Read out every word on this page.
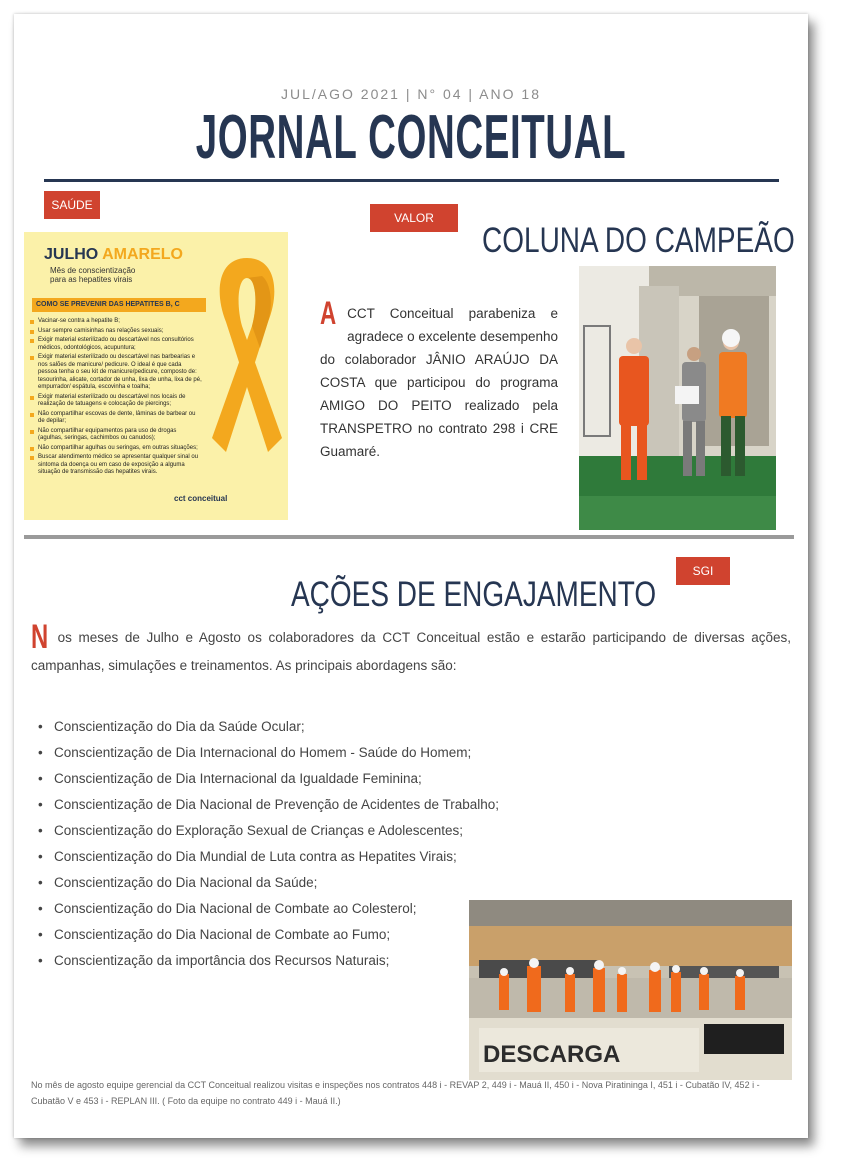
JUL/AGO 2021 | N° 04 | ANO 18
JORNAL CONCEITUAL
SAÚDE
VALOR
COLUNA DO CAMPEÃO
JULHO AMARELO
Mês de conscientização
para as hepatites virais
COMO SE PREVENIR DAS HEPATITES B, C
Vacinar-se contra a hepatite B;
Usar sempre camisinhas nas relações sexuais;
Exigir material esterilizado ou descartável nos consultórios médicos, odontológicos, acupuntura;
Exigir material esterilizado ou descartável nas barbearias e nos salões de manicure/ pedicure. O ideal é que cada pessoa tenha o seu kit de manicure/pedicure, composto de: tesourinha, alicate, cortador de unha, lixa de unha, lixa de pé, empurrador/ espátula, escovinha e toalha;
Exigir material esterilizado ou descartável nos locais de realização de tatuagens e colocação de piercings;
Não compartilhar escovas de dente, lâminas de barbear ou de depilar;
Não compartilhar equipamentos para uso de drogas (agulhas, seringas, cachimbos ou canudos);
Não compartilhar agulhas ou seringas, em outras situações;
Buscar atendimento médico se apresentar qualquer sinal ou sintoma da doença ou em caso de exposição a alguma situação de transmissão das hepatites virais.
cct conceitual
A CCT Conceitual parabeniza e agradece o excelente desempenho do colaborador JÂNIO ARAÚJO DA COSTA que participou do programa AMIGO DO PEITO realizado pela TRANSPETRO no contrato 298 i CRE Guamaré.
SGI
AÇÕES DE ENGAJAMENTO
N os meses de Julho e Agosto os colaboradores da CCT Conceitual estão e estarão participando de diversas ações, campanhas, simulações e treinamentos. As principais abordagens são:
• Conscientização do Dia da Saúde Ocular;
• Conscientização de Dia Internacional do Homem - Saúde do Homem;
• Conscientização de Dia Internacional da Igualdade Feminina;
• Conscientização de Dia Nacional de Prevenção de Acidentes de Trabalho;
• Conscientização do Exploração Sexual de Crianças e Adolescentes;
• Conscientização do Dia Mundial de Luta contra as Hepatites Virais;
• Conscientização do Dia Nacional da Saúde;
• Conscientização do Dia Nacional de Combate ao Colesterol;
• Conscientização do Dia Nacional de Combate ao Fumo;
• Conscientização da importância dos Recursos Naturais;
DESCARGA
No mês de agosto equipe gerencial da CCT Conceitual realizou visitas e inspeções nos contratos 448 i - REVAP 2, 449 i - Mauá II, 450 i - Nova Piratininga I, 451 i - Cubatão IV, 452 i - Cubatão V e 453 i - REPLAN III. ( Foto da equipe no contrato 449 i - Mauá II.)
